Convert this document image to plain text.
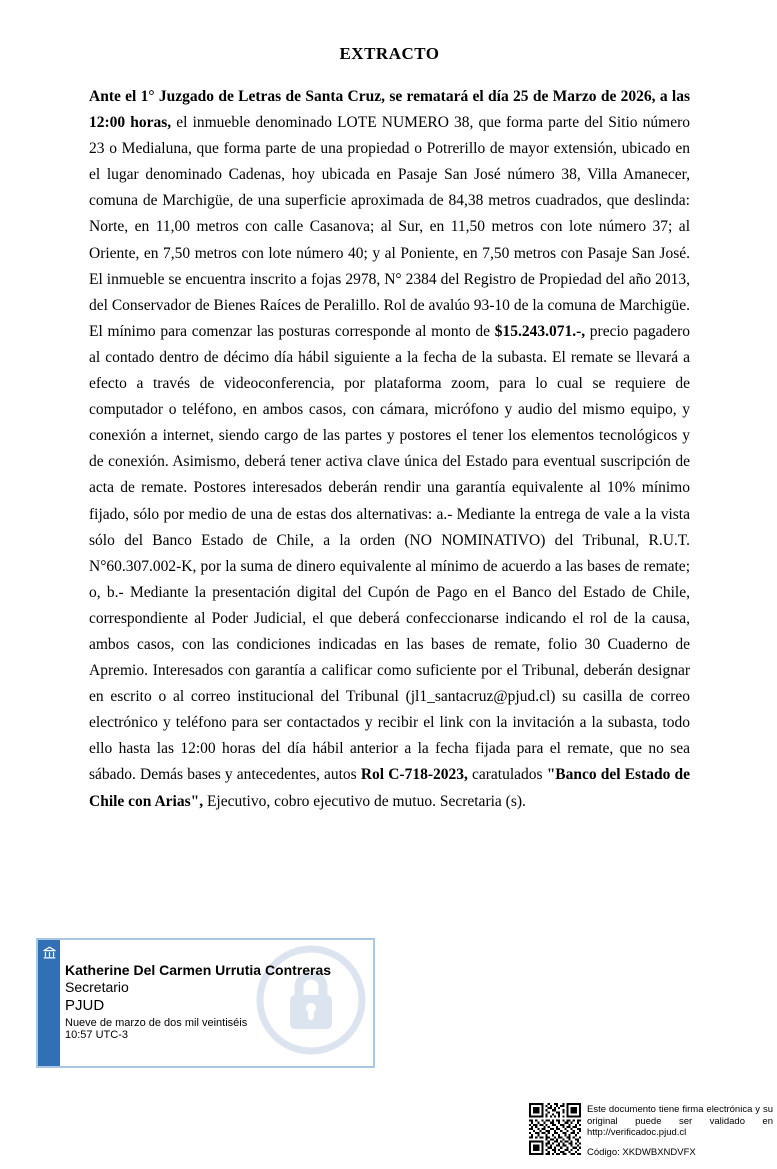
EXTRACTO

Ante el 1° Juzgado de Letras de Santa Cruz, se rematará el día 25 de Marzo de 2026, a las 12:00 horas, el inmueble denominado LOTE NUMERO 38, que forma parte del Sitio número 23 o Medialuna, que forma parte de una propiedad o Potrerillo de mayor extensión, ubicado en el lugar denominado Cadenas, hoy ubicada en Pasaje San José número 38, Villa Amanecer, comuna de Marchigüe, de una superficie aproximada de 84,38 metros cuadrados, que deslinda: Norte, en 11,00 metros con calle Casanova; al Sur, en 11,50 metros con lote número 37; al Oriente, en 7,50 metros con lote número 40; y al Poniente, en 7,50 metros con Pasaje San José. El inmueble se encuentra inscrito a fojas 2978, N° 2384 del Registro de Propiedad del año 2013, del Conservador de Bienes Raíces de Peralillo. Rol de avalúo 93-10 de la comuna de Marchigüe. El mínimo para comenzar las posturas corresponde al monto de $15.243.071.-, precio pagadero al contado dentro de décimo día hábil siguiente a la fecha de la subasta. El remate se llevará a efecto a través de videoconferencia, por plataforma zoom, para lo cual se requiere de computador o teléfono, en ambos casos, con cámara, micrófono y audio del mismo equipo, y conexión a internet, siendo cargo de las partes y postores el tener los elementos tecnológicos y de conexión. Asimismo, deberá tener activa clave única del Estado para eventual suscripción de acta de remate. Postores interesados deberán rendir una garantía equivalente al 10% mínimo fijado, sólo por medio de una de estas dos alternativas: a.- Mediante la entrega de vale a la vista sólo del Banco Estado de Chile, a la orden (NO NOMINATIVO) del Tribunal, R.U.T. N°60.307.002-K, por la suma de dinero equivalente al mínimo de acuerdo a las bases de remate; o, b.- Mediante la presentación digital del Cupón de Pago en el Banco del Estado de Chile, correspondiente al Poder Judicial, el que deberá confeccionarse indicando el rol de la causa, ambos casos, con las condiciones indicadas en las bases de remate, folio 30 Cuaderno de Apremio. Interesados con garantía a calificar como suficiente por el Tribunal, deberán designar en escrito o al correo institucional del Tribunal (jl1_santacruz@pjud.cl) su casilla de correo electrónico y teléfono para ser contactados y recibir el link con la invitación a la subasta, todo ello hasta las 12:00 horas del día hábil anterior a la fecha fijada para el remate, que no sea sábado. Demás bases y antecedentes, autos Rol C-718-2023, caratulados "Banco del Estado de Chile con Arias", Ejecutivo, cobro ejecutivo de mutuo. Secretaria (s).

Katherine Del Carmen Urrutia Contreras
Secretario
PJUD
Nueve de marzo de dos mil veintiséis
10:57 UTC-3
Este documento tiene firma electrónica y su original puede ser validado en http://verificadoc.pjud.cl
Código: XKDWBXNDVFX
